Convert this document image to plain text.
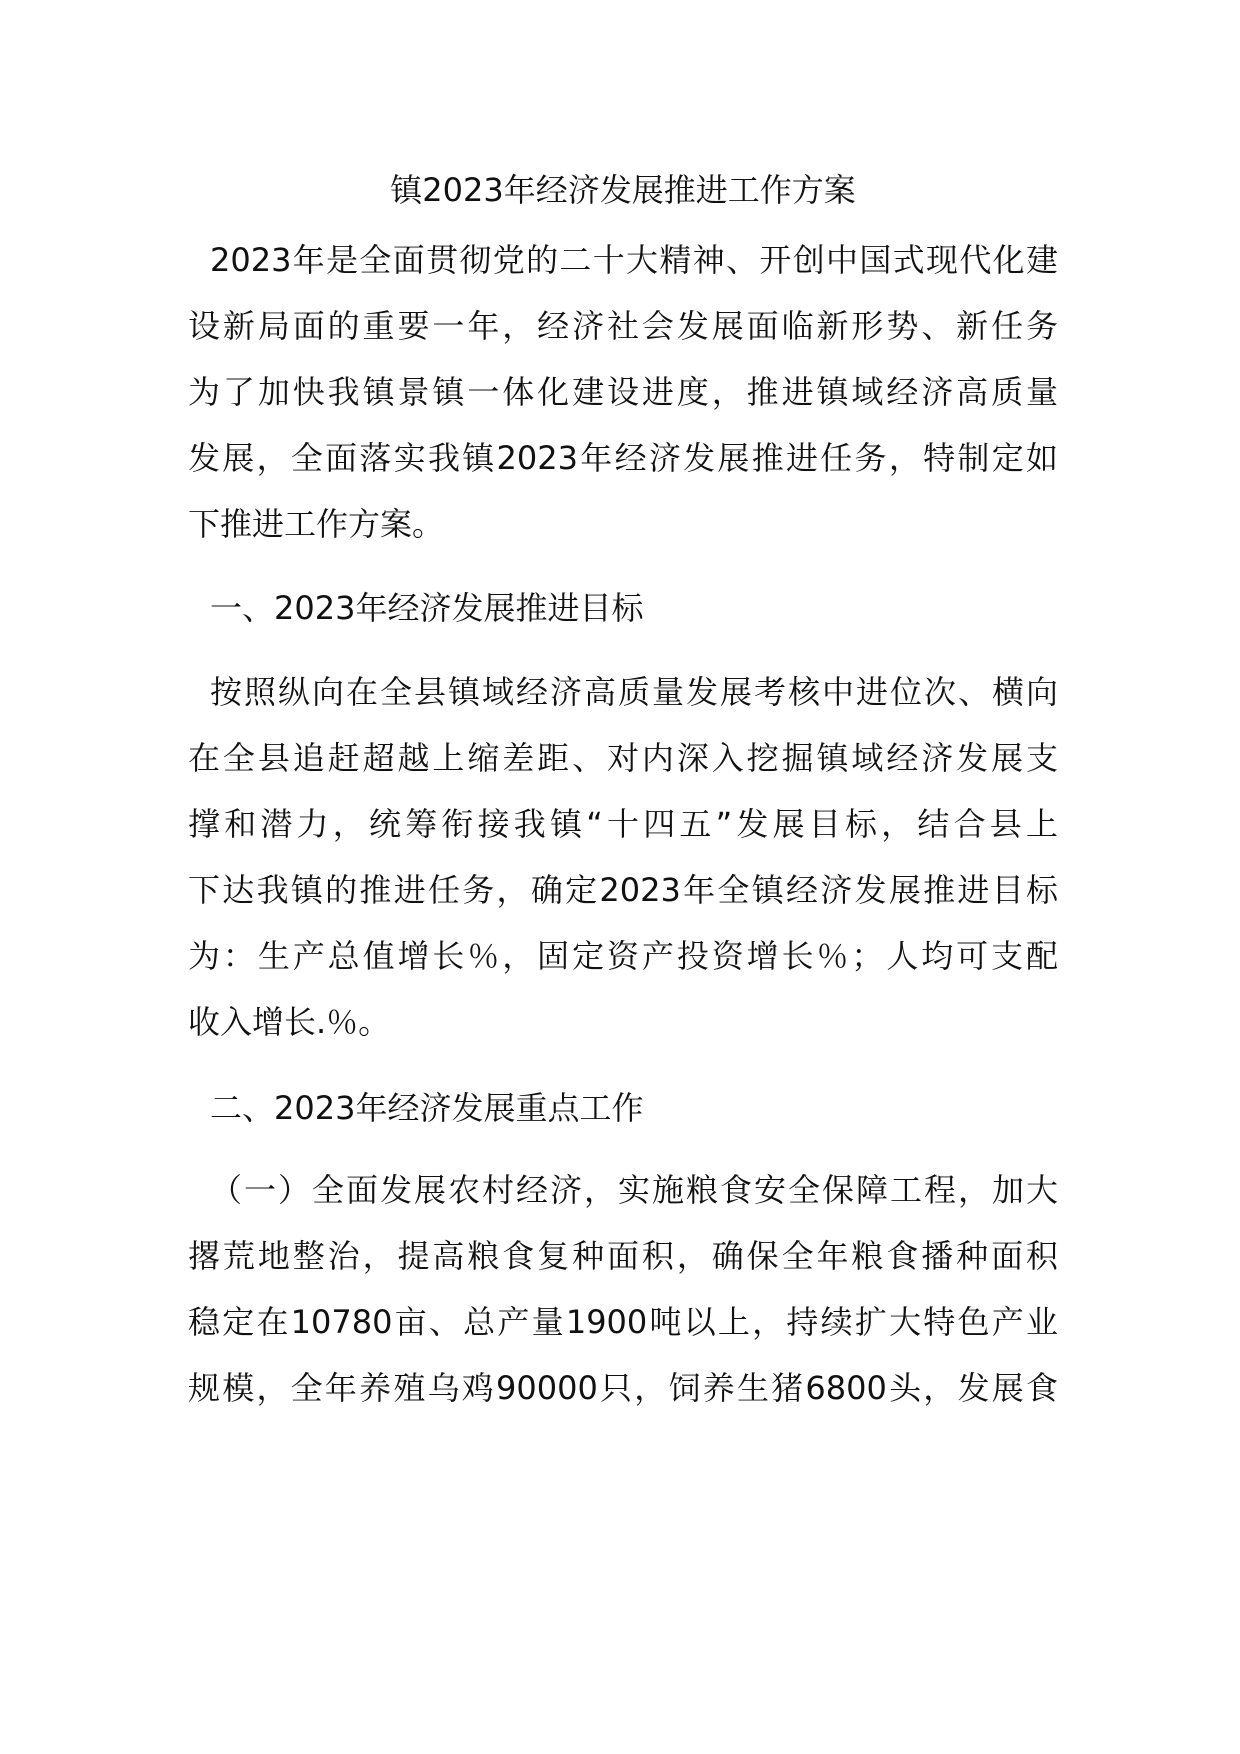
镇2023年经济发展推进工作方案
2023年是全面贯彻党的二十大精神、开创中国式现代化建
设新局面的重要一年，经济社会发展面临新形势、新任务
为了加快我镇景镇一体化建设进度，推进镇域经济高质量
发展，全面落实我镇2023年经济发展推进任务，特制定如
下推进工作方案。
一、2023年经济发展推进目标
按照纵向在全县镇域经济高质量发展考核中进位次、横向
在全县追赶超越上缩差距、对内深入挖掘镇域经济发展支
撑和潜力，统筹衔接我镇“十四五”发展目标，结合县上
下达我镇的推进任务，确定2023年全镇经济发展推进目标
为：生产总值增长％，固定资产投资增长％；人均可支配
收入增长.％。
二、2023年经济发展重点工作
（一）全面发展农村经济，实施粮食安全保障工程，加大
撂荒地整治，提高粮食复种面积，确保全年粮食播种面积
稳定在10780亩、总产量1900吨以上，持续扩大特色产业
规模，全年养殖乌鸡90000只，饲养生猪6800头，发展食
